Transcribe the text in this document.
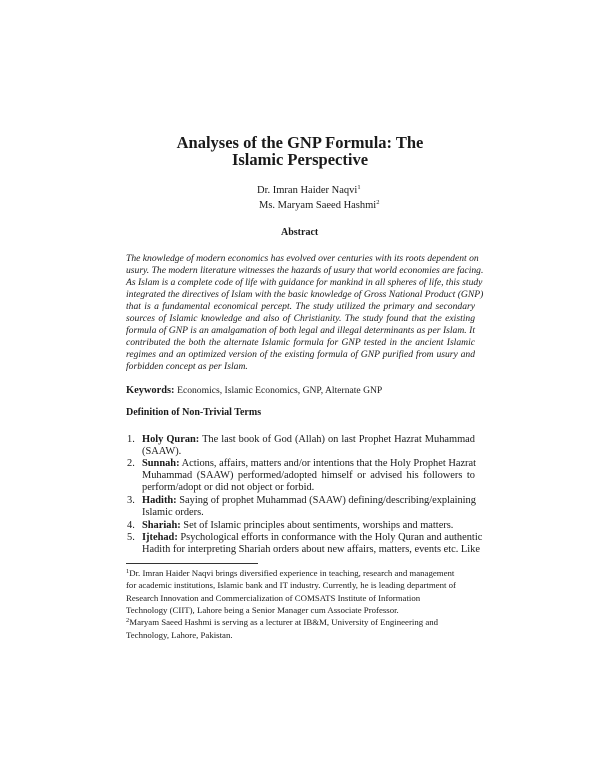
Analyses of the GNP Formula: The
Islamic Perspective
Dr. Imran Haider Naqvi$^1$
Ms. Maryam Saeed Hashmi$^2$
Abstract
The knowledge of modern economics has evolved over centuries with its roots dependent on
usury. The modern literature witnesses the hazards of usury that world economies are facing.
As Islam is a complete code of life with guidance for mankind in all spheres of life, this study
integrated the directives of Islam with the basic knowledge of Gross National Product (GNP)
that is a fundamental economical percept. The study utilized the primary and secondary
sources of Islamic knowledge and also of Christianity. The study found that the existing
formula of GNP is an amalgamation of both legal and illegal determinants as per Islam. It
contributed the both the alternate Islamic formula for GNP tested in the ancient Islamic
regimes and an optimized version of the existing formula of GNP purified from usury and
forbidden concept as per Islam.
Keywords: Economics, Islamic Economics, GNP, Alternate GNP
Definition of Non-Trivial Terms
1. Holy Quran: The last book of God (Allah) on last Prophet Hazrat Muhammad
(SAAW).
2. Sunnah: Actions, affairs, matters and/or intentions that the Holy Prophet Hazrat
Muhammad (SAAW) performed/adopted himself or advised his followers to
perform/adopt or did not object or forbid.
3. Hadith: Saying of prophet Muhammad (SAAW) defining/describing/explaining
Islamic orders.
4. Shariah: Set of Islamic principles about sentiments, worships and matters.
5. Ijtehad: Psychological efforts in conformance with the Holy Quran and authentic
Hadith for interpreting Shariah orders about new affairs, matters, events etc. Like
$^1$Dr. Imran Haider Naqvi brings diversified experience in teaching, research and management
for academic institutions, Islamic bank and IT industry. Currently, he is leading department of
Research Innovation and Commercialization of COMSATS Institute of Information
Technology (CIIT), Lahore being a Senior Manager cum Associate Professor.
$^2$Maryam Saeed Hashmi is serving as a lecturer at IB&M, University of Engineering and
Technology, Lahore, Pakistan.
